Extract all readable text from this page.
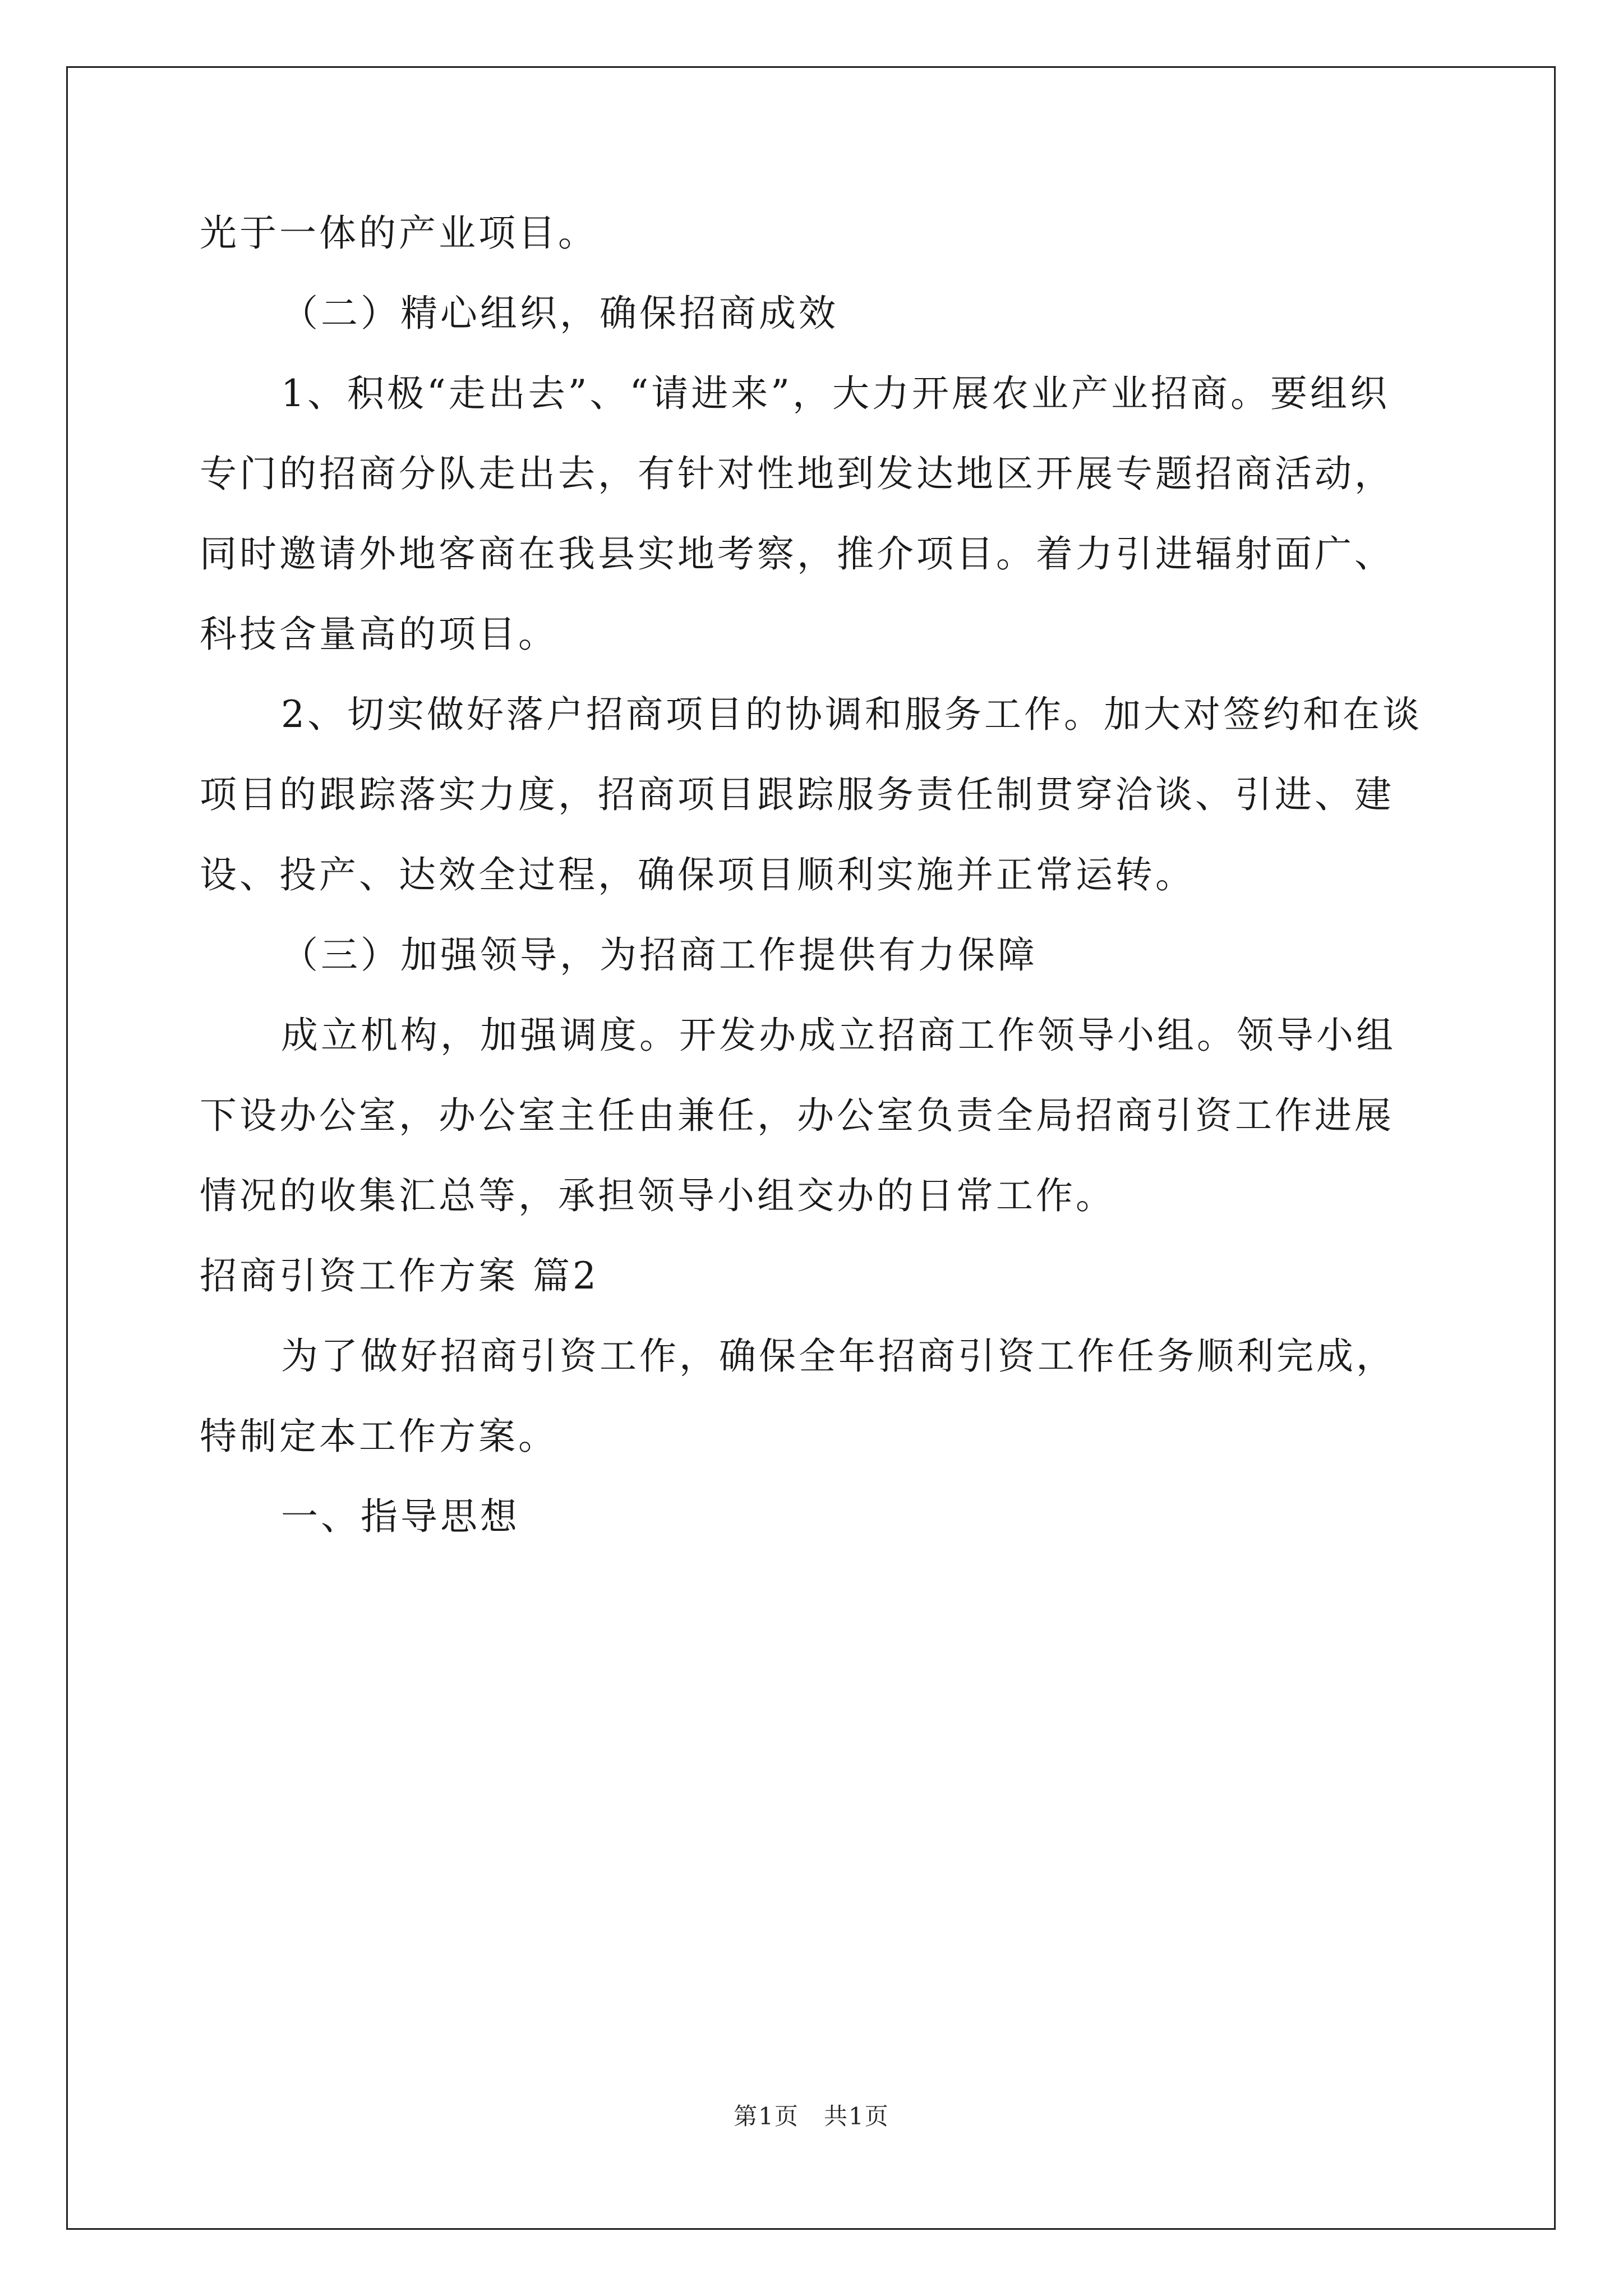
光于一体的产业项目。

（二）精心组织，确保招商成效

1、积极“走出去”、“请进来”，大力开展农业产业招商。要组织

专门的招商分队走出去，有针对性地到发达地区开展专题招商活动，

同时邀请外地客商在我县实地考察，推介项目。着力引进辐射面广、

科技含量高的项目。

2、切实做好落户招商项目的协调和服务工作。加大对签约和在谈

项目的跟踪落实力度，招商项目跟踪服务责任制贯穿洽谈、引进、建

设、投产、达效全过程，确保项目顺利实施并正常运转。

（三）加强领导，为招商工作提供有力保障

成立机构，加强调度。开发办成立招商工作领导小组。领导小组

下设办公室，办公室主任由兼任，办公室负责全局招商引资工作进展

情况的收集汇总等，承担领导小组交办的日常工作。

招商引资工作方案 篇2

为了做好招商引资工作，确保全年招商引资工作任务顺利完成，

特制定本工作方案。

一、指导思想

第1页　共1页
